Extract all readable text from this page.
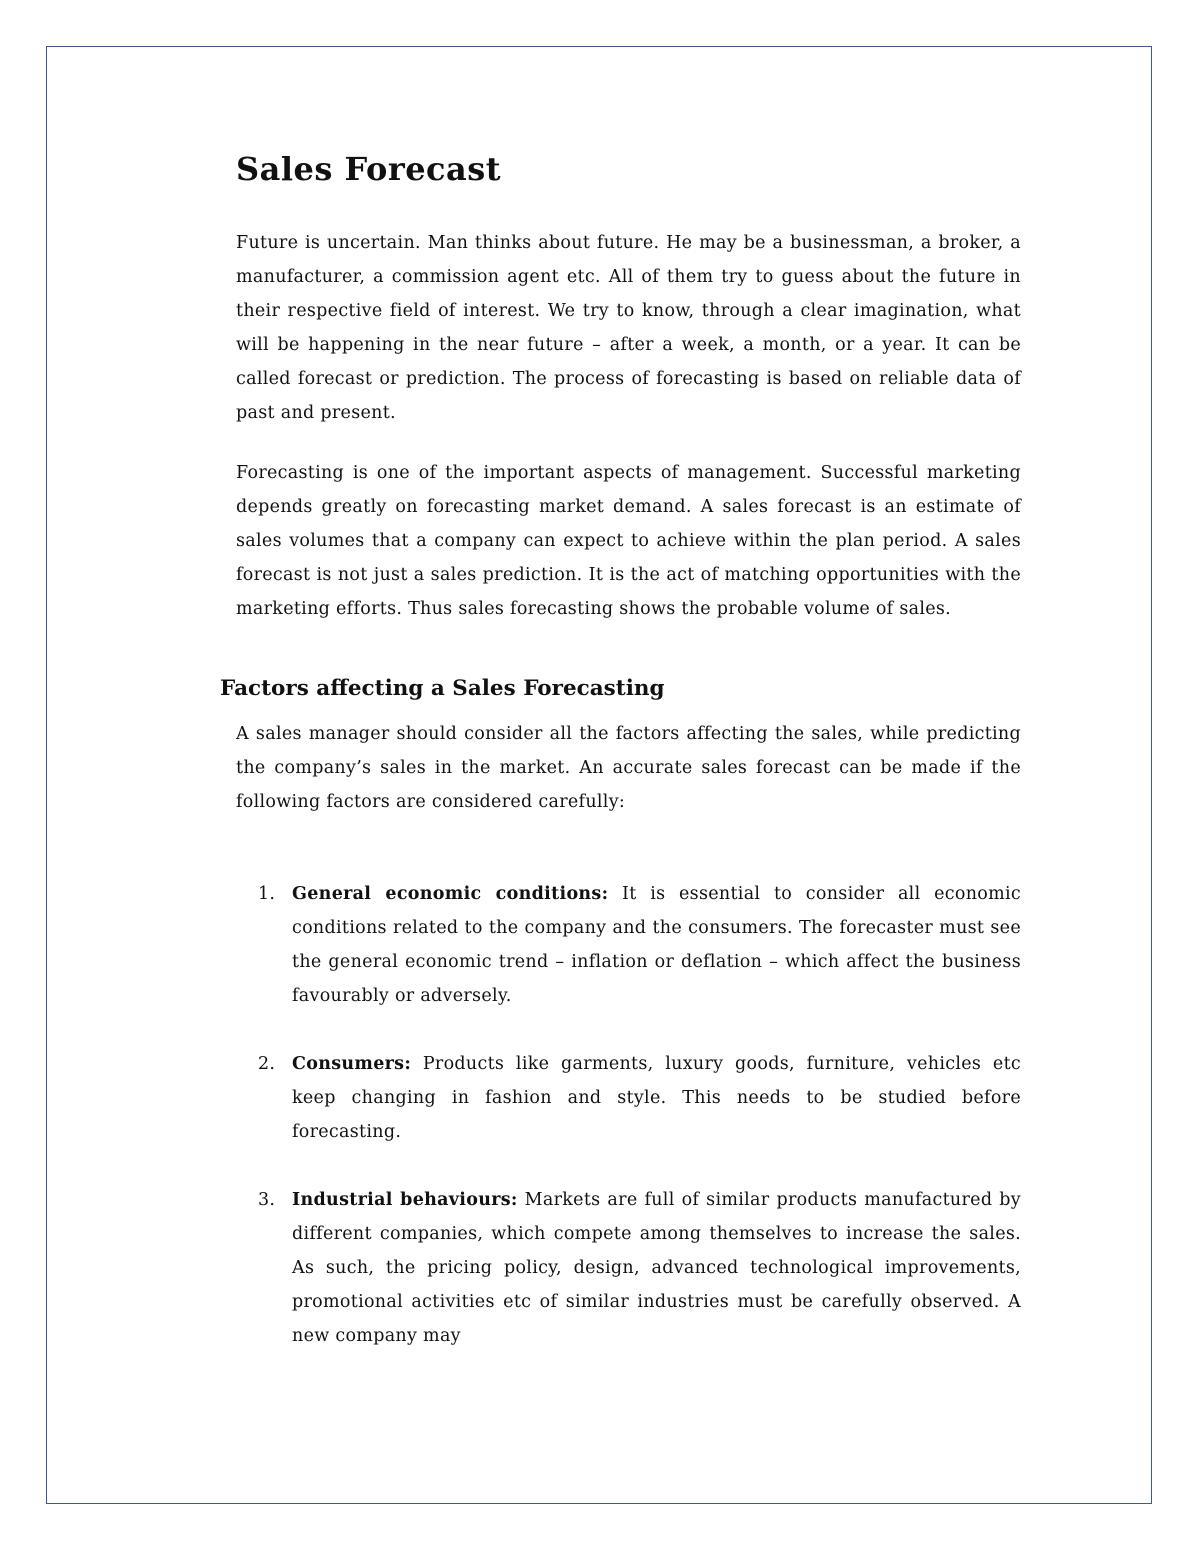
Sales Forecast

Future is uncertain. Man thinks about future. He may be a businessman, a broker, a manufacturer, a commission agent etc. All of them try to guess about the future in their respective field of interest. We try to know, through a clear imagination, what will be happening in the near future – after a week, a month, or a year. It can be called forecast or prediction. The process of forecasting is based on reliable data of past and present.

Forecasting is one of the important aspects of management. Successful marketing depends greatly on forecasting market demand. A sales forecast is an estimate of sales volumes that a company can expect to achieve within the plan period. A sales forecast is not just a sales prediction. It is the act of matching opportunities with the marketing efforts. Thus sales forecasting shows the probable volume of sales.

Factors affecting a Sales Forecasting

A sales manager should consider all the factors affecting the sales, while predicting the company’s sales in the market. An accurate sales forecast can be made if the following factors are considered carefully:

1. General economic conditions: It is essential to consider all economic conditions related to the company and the consumers. The forecaster must see the general economic trend – inflation or deflation – which affect the business favourably or adversely.
2. Consumers: Products like garments, luxury goods, furniture, vehicles etc keep changing in fashion and style. This needs to be studied before forecasting.
3. Industrial behaviours: Markets are full of similar products manufactured by different companies, which compete among themselves to increase the sales. As such, the pricing policy, design, advanced technological improvements, promotional activities etc of similar industries must be carefully observed. A new company may
